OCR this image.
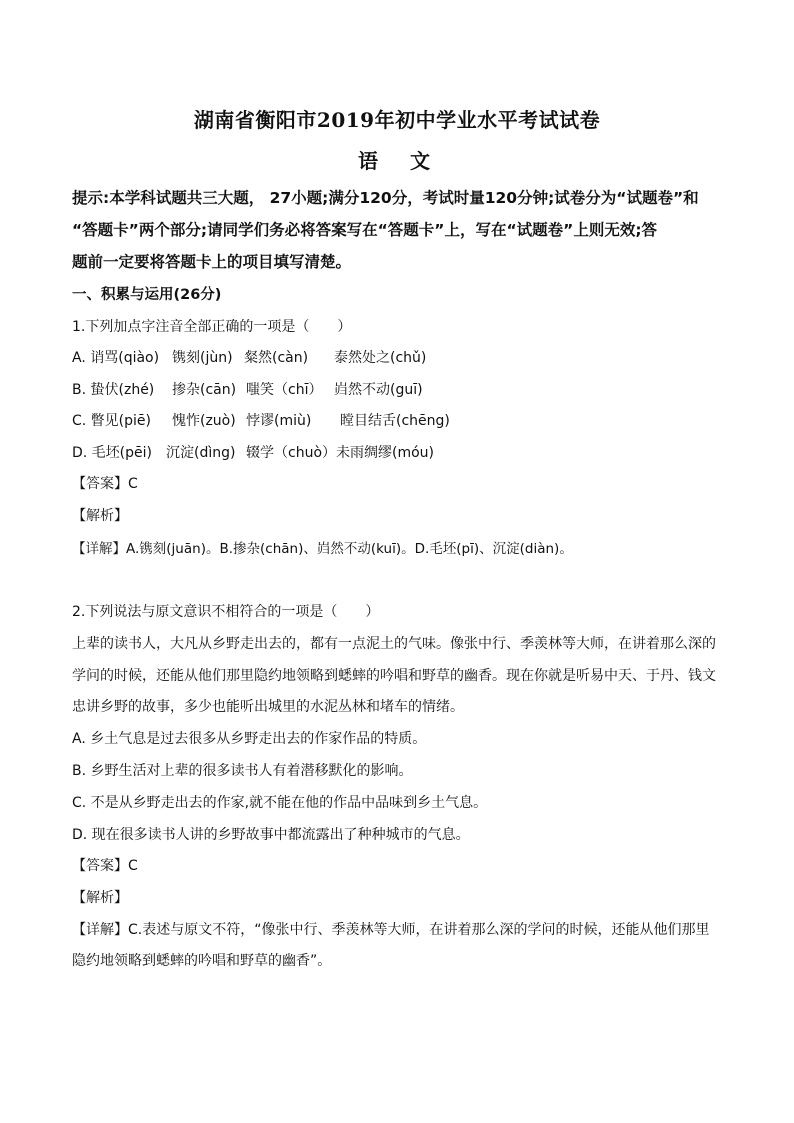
湖南省衡阳市2019年初中学业水平考试试卷
语　文
提示:本学科试题共三大题， 27小题;满分120分，考试时量120分钟;试卷分为“试题卷”和
“答题卡”两个部分;请同学们务必将答案写在“答题卡”上，写在“试题卷”上则无效;答
题前一定要将答题卡上的项目填写清楚。
一、积累与运用(26分)
1.下列加点字注音全部正确的一项是（　　）
A. 诮骂(qiào) 镌刻(jùn) 粲然(càn) 泰然处之(chǔ)
B. 蛰伏(zhé) 掺杂(cān) 嗤笑（chī） 岿然不动(guī)
C. 瞥见(piē) 愧怍(zuò) 悖谬(miù) 瞠目结舌(chēng)
D. 毛坯(pēi) 沉淀(dìng) 辍学（chuò）未雨绸缪(móu)
【答案】C
【解析】
【详解】A.镌刻(juān)。B.掺杂(chān)、岿然不动(kuī)。D.毛坯(pī)、沉淀(diàn)。
2.下列说法与原文意识不相符合的一项是（　　）
上辈的读书人，大凡从乡野走出去的，都有一点泥土的气味。像张中行、季羡林等大师，在讲着那么深的
学问的时候，还能从他们那里隐约地领略到蟋蟀的吟唱和野草的幽香。现在你就是听易中天、于丹、钱文
忠讲乡野的故事，多少也能听出城里的水泥丛林和堵车的情绪。
A. 乡土气息是过去很多从乡野走出去的作家作品的特质。
B. 乡野生活对上辈的很多读书人有着潜移默化的影响。
C. 不是从乡野走出去的作家,就不能在他的作品中品味到乡土气息。
D. 现在很多读书人讲的乡野故事中都流露出了种种城市的气息。
【答案】C
【解析】
【详解】C.表述与原文不符，“像张中行、季羡林等大师，在讲着那么深的学问的时候，还能从他们那里
隐约地领略到蟋蟀的吟唱和野草的幽香”。
